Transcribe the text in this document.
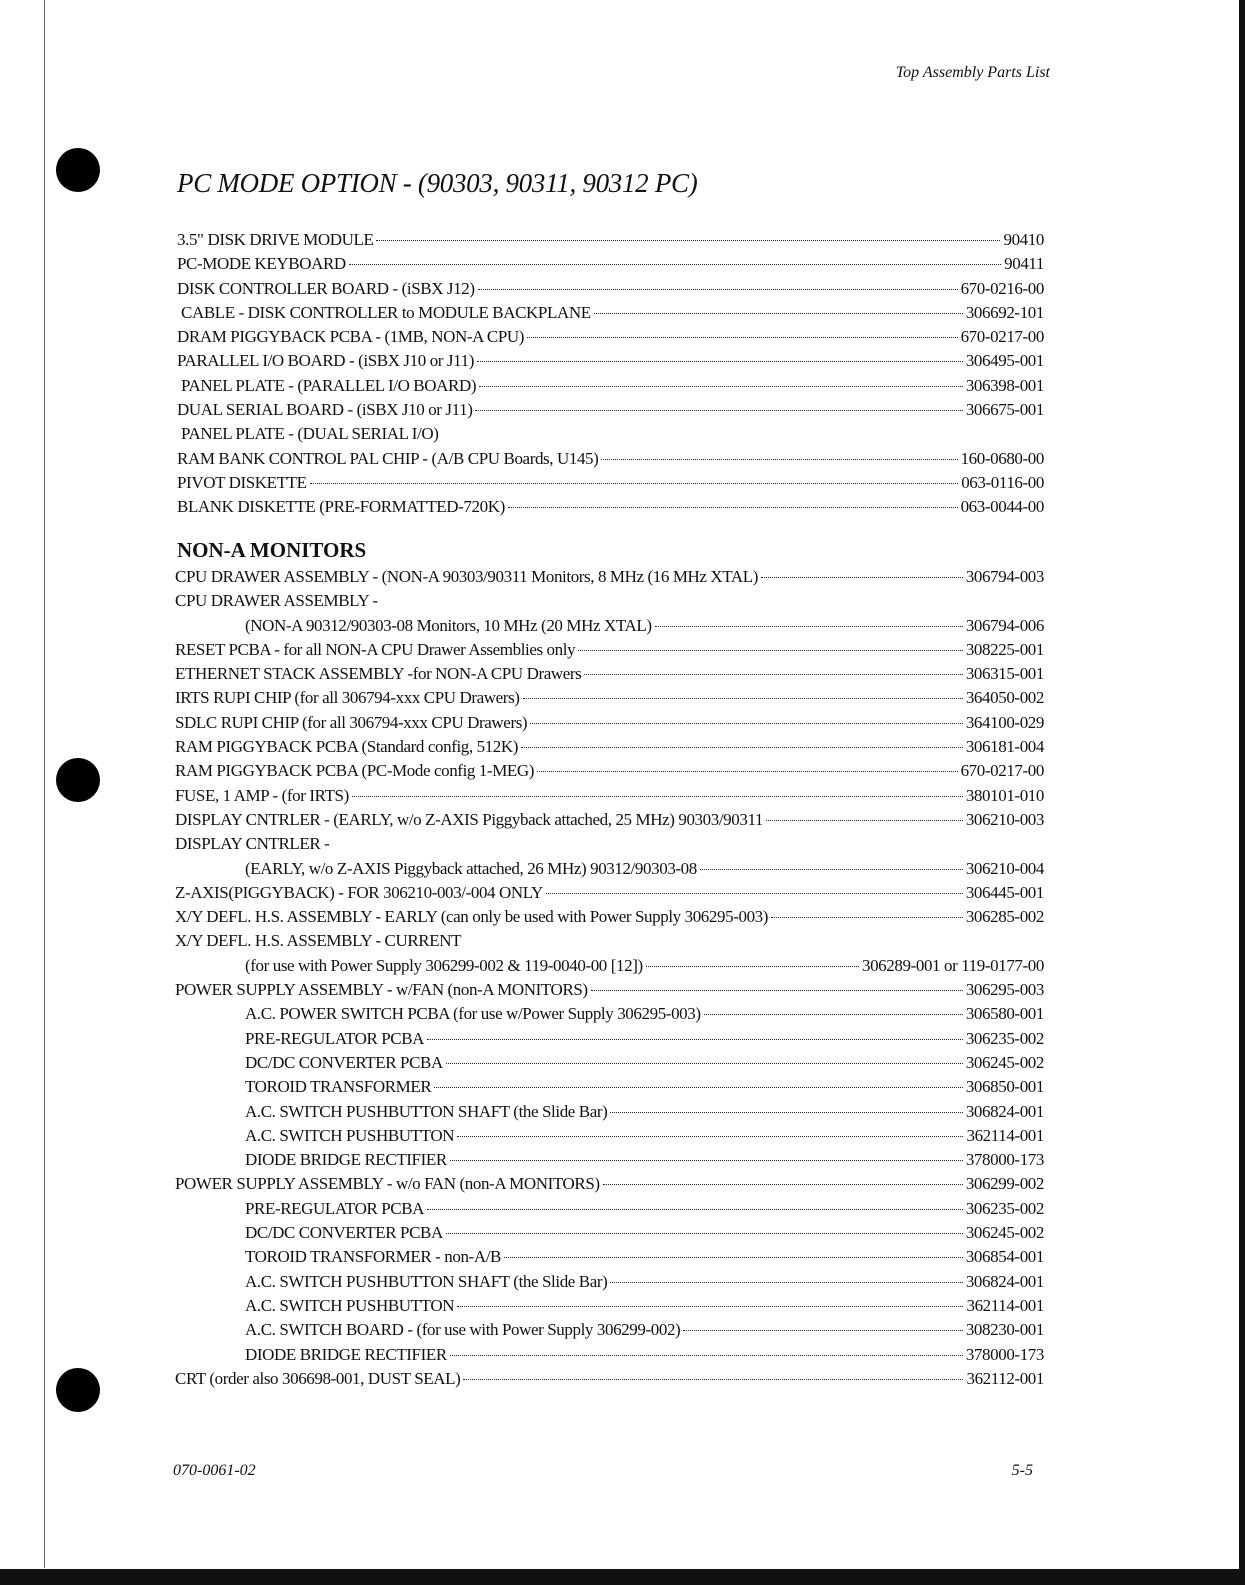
Top Assembly Parts List
PC MODE OPTION - (90303, 90311, 90312 PC)
3.5" DISK DRIVE MODULE	90410
PC-MODE KEYBOARD	90411
DISK CONTROLLER BOARD - (iSBX J12)	670-0216-00
CABLE - DISK CONTROLLER to MODULE BACKPLANE	306692-101
DRAM PIGGYBACK PCBA - (1MB, NON-A CPU)	670-0217-00
PARALLEL I/O BOARD - (iSBX J10 or J11)	306495-001
PANEL PLATE - (PARALLEL I/O BOARD)	306398-001
DUAL SERIAL BOARD - (iSBX J10 or J11)	306675-001
PANEL PLATE - (DUAL SERIAL I/O)
RAM BANK CONTROL PAL CHIP - (A/B CPU Boards, U145)	160-0680-00
PIVOT DISKETTE	063-0116-00
BLANK DISKETTE (PRE-FORMATTED-720K)	063-0044-00
NON-A MONITORS
CPU DRAWER ASSEMBLY - (NON-A 90303/90311 Monitors, 8 MHz (16 MHz XTAL)	306794-003
CPU DRAWER ASSEMBLY -
(NON-A 90312/90303-08 Monitors, 10 MHz (20 MHz XTAL)	306794-006
RESET PCBA - for all NON-A CPU Drawer Assemblies only	308225-001
ETHERNET STACK ASSEMBLY -for NON-A CPU Drawers	306315-001
IRTS RUPI CHIP (for all 306794-xxx CPU Drawers)	364050-002
SDLC RUPI CHIP (for all 306794-xxx CPU Drawers)	364100-029
RAM PIGGYBACK PCBA (Standard config, 512K)	306181-004
RAM PIGGYBACK PCBA (PC-Mode config 1-MEG)	670-0217-00
FUSE, 1 AMP - (for IRTS)	380101-010
DISPLAY CNTRLER - (EARLY, w/o Z-AXIS Piggyback attached, 25 MHz) 90303/90311	306210-003
DISPLAY CNTRLER -
(EARLY, w/o Z-AXIS Piggyback attached, 26 MHz) 90312/90303-08	306210-004
Z-AXIS(PIGGYBACK) - FOR 306210-003/-004 ONLY	306445-001
X/Y DEFL. H.S. ASSEMBLY - EARLY (can only be used with Power Supply 306295-003)	306285-002
X/Y DEFL. H.S. ASSEMBLY - CURRENT
(for use with Power Supply 306299-002 & 119-0040-00 [12])	306289-001 or 119-0177-00
POWER SUPPLY ASSEMBLY - w/FAN (non-A MONITORS)	306295-003
A.C. POWER SWITCH PCBA (for use w/Power Supply 306295-003)	306580-001
PRE-REGULATOR PCBA	306235-002
DC/DC CONVERTER PCBA	306245-002
TOROID TRANSFORMER	306850-001
A.C. SWITCH PUSHBUTTON SHAFT (the Slide Bar)	306824-001
A.C. SWITCH PUSHBUTTON	362114-001
DIODE BRIDGE RECTIFIER	378000-173
POWER SUPPLY ASSEMBLY - w/o FAN (non-A MONITORS)	306299-002
PRE-REGULATOR PCBA	306235-002
DC/DC CONVERTER PCBA	306245-002
TOROID TRANSFORMER - non-A/B	306854-001
A.C. SWITCH PUSHBUTTON SHAFT (the Slide Bar)	306824-001
A.C. SWITCH PUSHBUTTON	362114-001
A.C. SWITCH BOARD - (for use with Power Supply 306299-002)	308230-001
DIODE BRIDGE RECTIFIER	378000-173
CRT (order also 306698-001, DUST SEAL)	362112-001
070-0061-02	5-5
